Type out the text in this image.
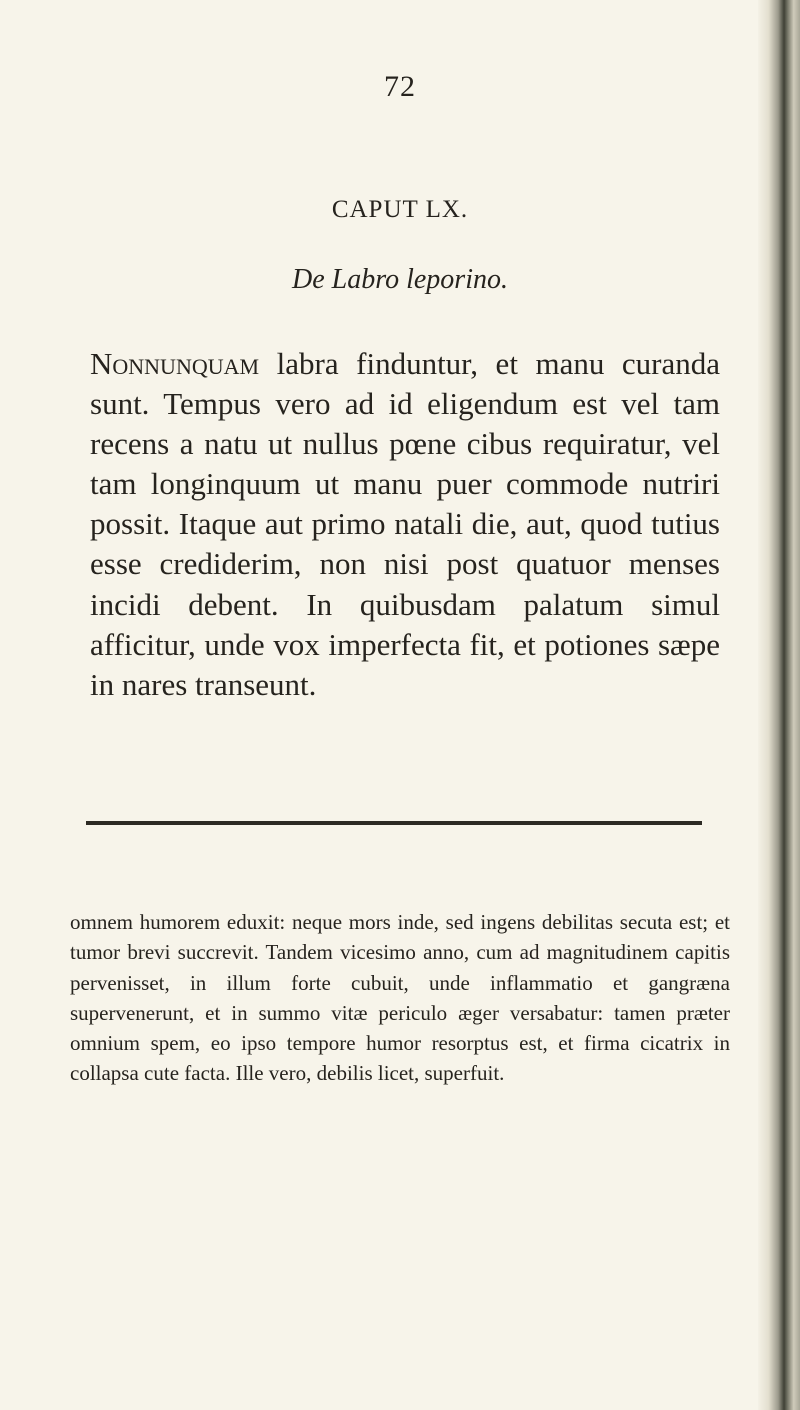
72
CAPUT LX.
De Labro leporino.
Nonnunquam labra finduntur, et manu curanda sunt. Tempus vero ad id eligendum est vel tam recens a natu ut nullus pœne cibus requiratur, vel tam longinquum ut manu puer commode nutriri possit. Itaque aut primo natali die, aut, quod tutius esse crediderim, non nisi post quatuor menses incidi debent. In quibusdam palatum simul afficitur, unde vox imperfecta fit, et potiones sæpe in nares transeunt.
omnem humorem eduxit: neque mors inde, sed ingens debilitas secuta est; et tumor brevi succrevit. Tandem vicesimo anno, cum ad magnitudinem capitis pervenisset, in illum forte cubuit, unde inflammatio et gangræna supervenerunt, et in summo vitæ periculo æger versabatur: tamen præter omnium spem, eo ipso tempore humor resorptus est, et firma cicatrix in collapsa cute facta. Ille vero, debilis licet, superfuit.
